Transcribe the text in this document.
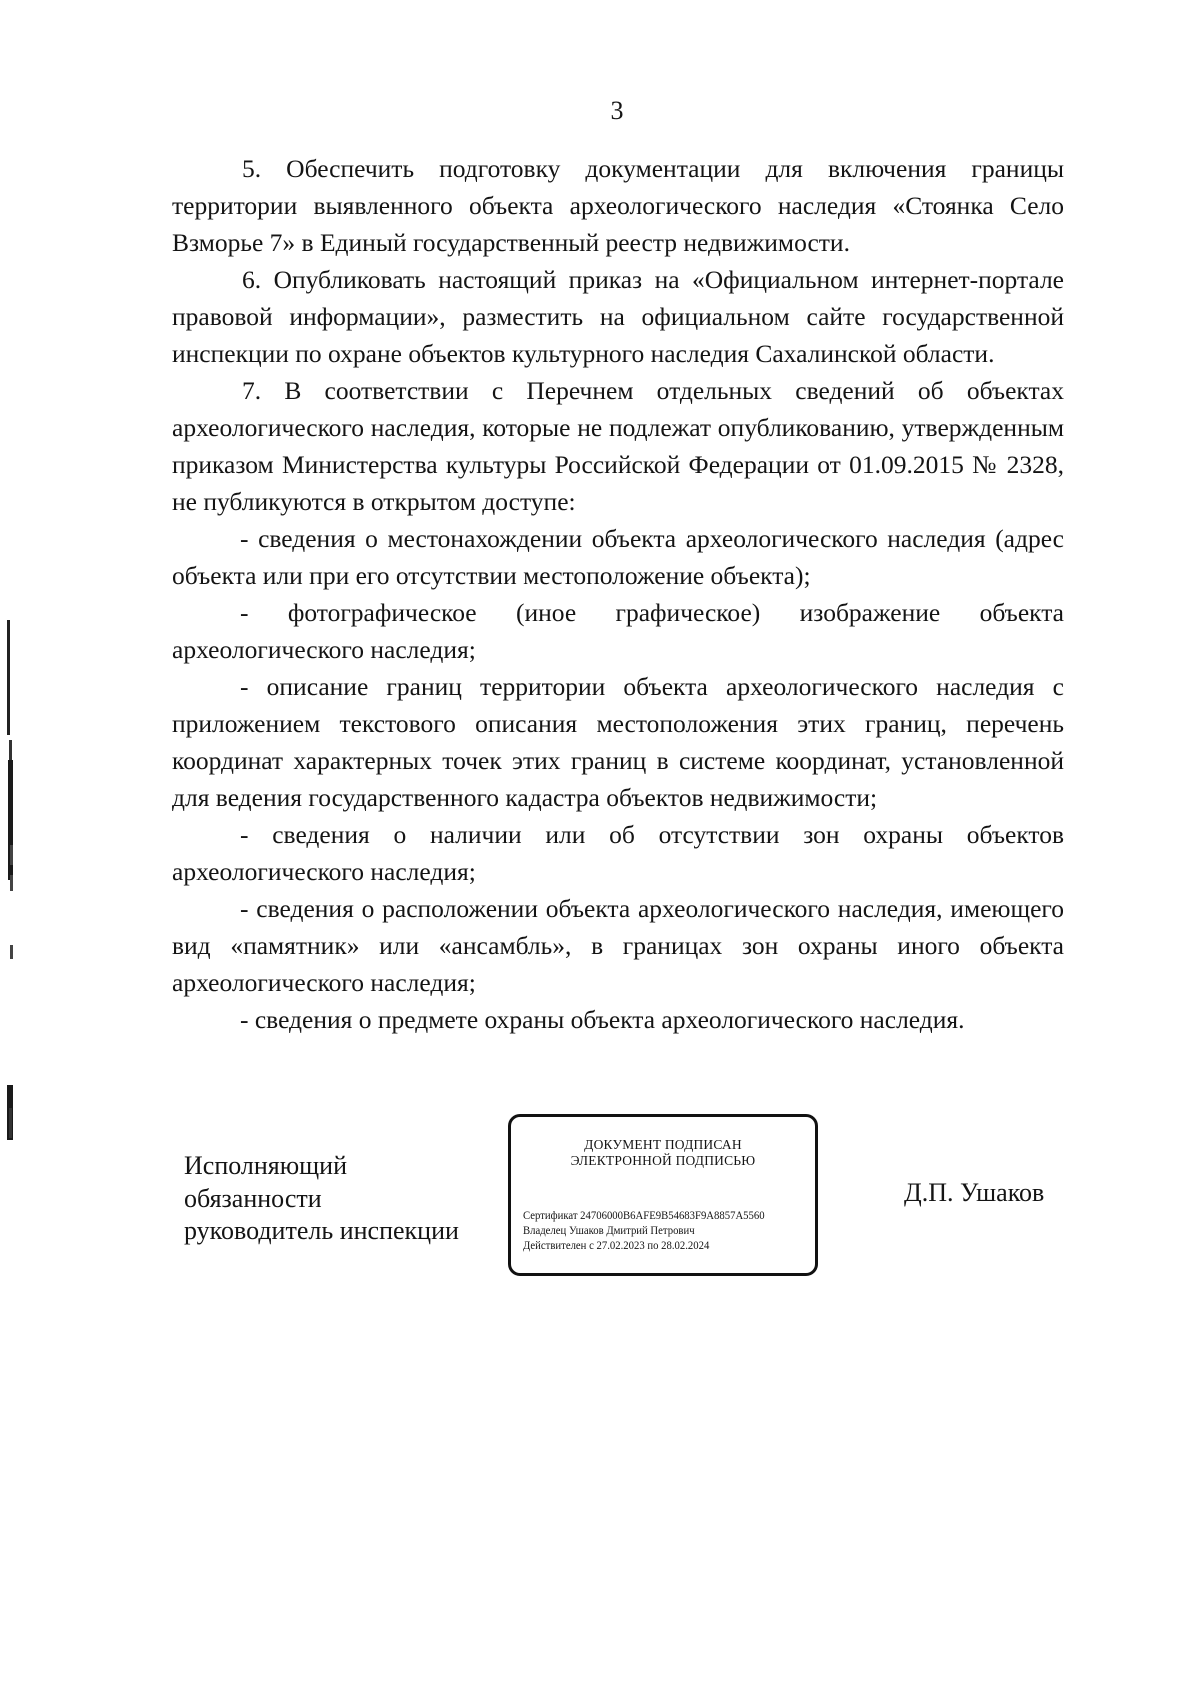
3

5. Обеспечить подготовку документации для включения границы территории выявленного объекта археологического наследия «Стоянка Село Взморье 7» в Единый государственный реестр недвижимости.

6. Опубликовать настоящий приказ на «Официальном интернет-портале правовой информации», разместить на официальном сайте государственной инспекции по охране объектов культурного наследия Сахалинской области.

7. В соответствии с Перечнем отдельных сведений об объектах археологического наследия, которые не подлежат опубликованию, утвержденным приказом Министерства культуры Российской Федерации от 01.09.2015 № 2328, не публикуются в открытом доступе:

- сведения о местонахождении объекта археологического наследия (адрес объекта или при его отсутствии местоположение объекта);

- фотографическое (иное графическое) изображение объекта археологического наследия;

- описание границ территории объекта археологического наследия с приложением текстового описания местоположения этих границ, перечень координат характерных точек этих границ в системе координат, установленной для ведения государственного кадастра объектов недвижимости;

- сведения о наличии или об отсутствии зон охраны объектов археологического наследия;

- сведения о расположении объекта археологического наследия, имеющего вид «памятник» или «ансамбль», в границах зон охраны иного объекта археологического наследия;

- сведения о предмете охраны объекта археологического наследия.

Исполняющий
обязанности
руководитель инспекции
ДОКУМЕНТ ПОДПИСАН
ЭЛЕКТРОННОЙ ПОДПИСЬЮ
Сертификат 24706000B6AFE9B54683F9A8857A5560
Владелец Ушаков Дмитрий Петрович
Действителен с 27.02.2023 по 28.02.2024
Д.П. Ушаков
